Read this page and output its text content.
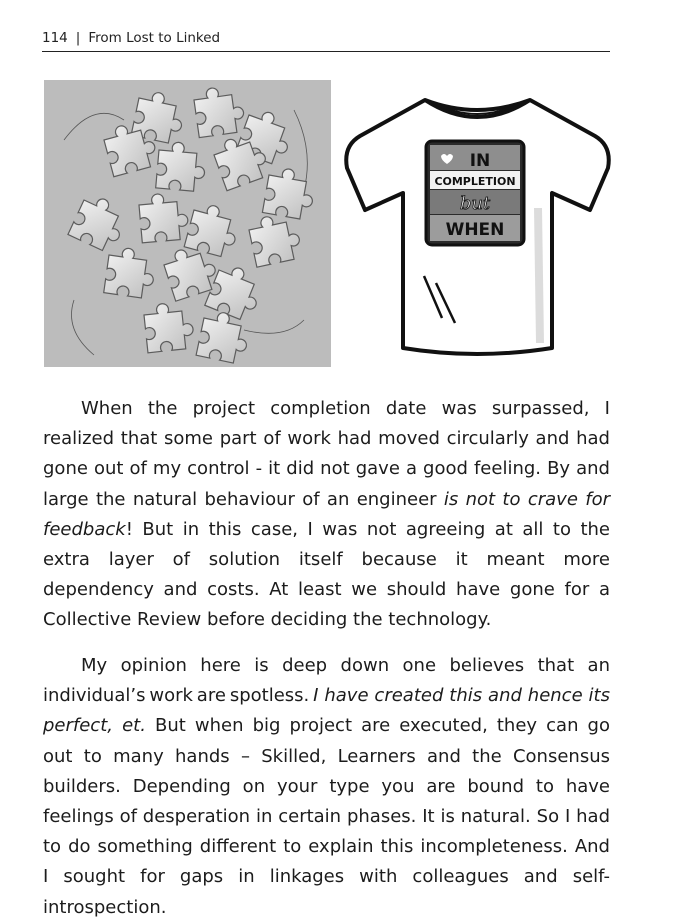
114 | From Lost to Linked
IN
COMPLETION
but
WHEN

When the project completion date was surpassed, I realized that some part of work had moved circularly and had gone out of my control - it did not gave a good feeling. By and large the natural behaviour of an engineer is not to crave for feedback! But in this case, I was not agreeing at all to the extra layer of solution itself because it meant more dependency and costs. At least we should have gone for a Collective Review before deciding the technology.

My opinion here is deep down one believes that an individual’s work are spotless. I have created this and hence its perfect, et. But when big project are executed, they can go out to many hands – Skilled, Learners and the Consensus builders. Depending on your type you are bound to have feelings of desperation in certain phases. It is natural. So I had to do something different to explain this incompleteness. And I sought for gaps in linkages with colleagues and self- introspection.
